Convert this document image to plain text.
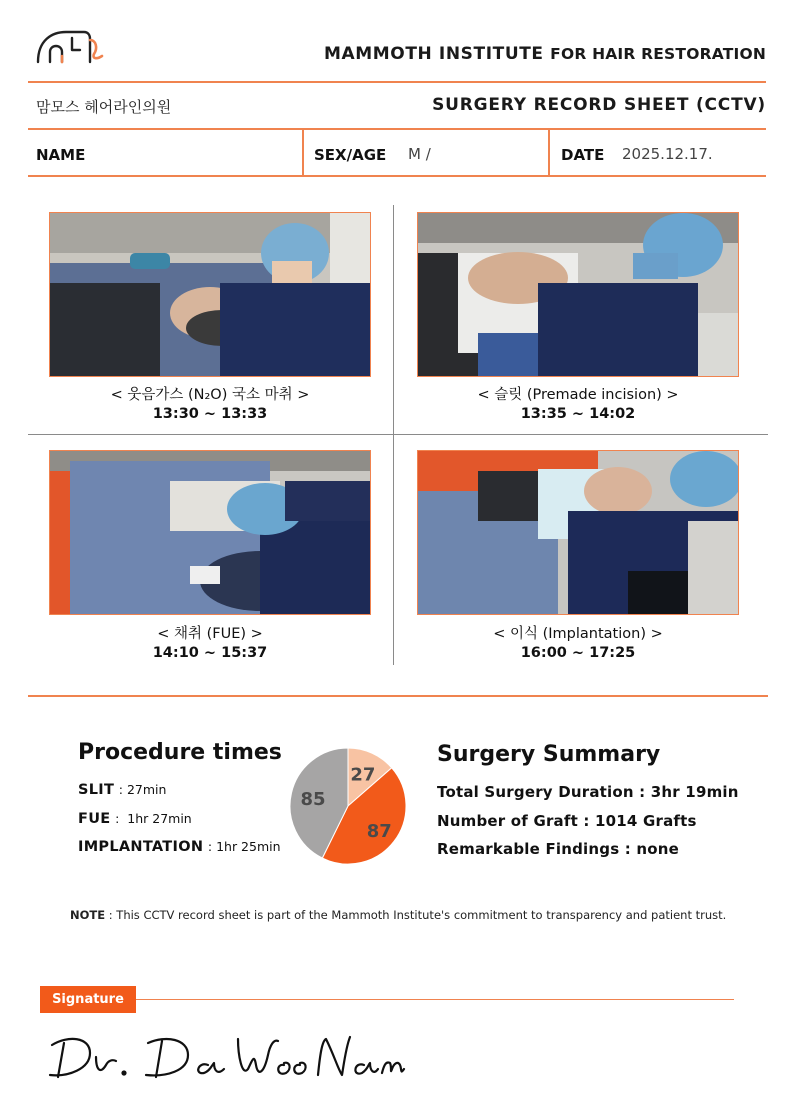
MAMMOTH INSTITUTE FOR HAIR RESTORATION
맘모스 헤어라인의원	SURGERY RECORD SHEET (CCTV)
NAME	SEX/AGE M /	DATE 2025.12.17.
< 웃음가스 (N₂O) 국소 마취 >
13:30 ~ 13:33
< 슬릿 (Premade incision) >
13:35 ~ 14:02
< 채취 (FUE) >
14:10 ~ 15:37
< 이식 (Implantation) >
16:00 ~ 17:25
Procedure times
SLIT : 27min
FUE :  1hr 27min
IMPLANTATION : 1hr 25min
27
87
85
Surgery Summary
Total Surgery Duration : 3hr 19min
Number of Graft : 1014 Grafts
Remarkable Findings : none
NOTE : This CCTV record sheet is part of the Mammoth Institute's commitment to transparency and patient trust.
Signature
